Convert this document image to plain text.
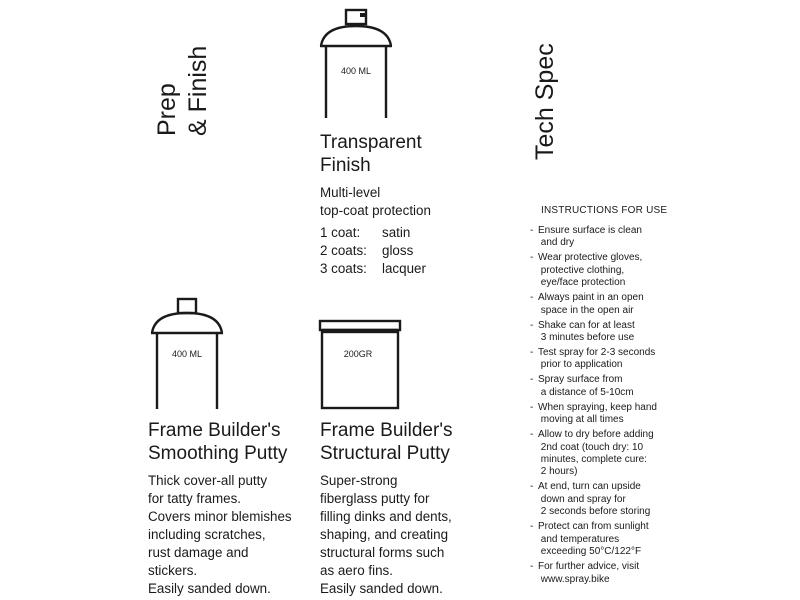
Prep & Finish	Tech Spec
400 ML
Transparent
Finish
Multi-level
top-coat protection
1 coat:	satin
2 coats:	gloss
3 coats:	lacquer
400 ML
Frame Builder's
Smoothing Putty
Thick cover-all putty
for tatty frames.
Covers minor blemishes
including scratches,
rust damage and
stickers.
Easily sanded down.
200GR
Frame Builder's
Structural Putty
Super-strong
fiberglass putty for
filling dinks and dents,
shaping, and creating
structural forms such
as aero fins.
Easily sanded down.
INSTRUCTIONS FOR USE
- Ensure surface is clean
and dry
- Wear protective gloves,
protective clothing,
eye/face protection
- Always paint in an open
space in the open air
- Shake can for at least
3 minutes before use
- Test spray for 2-3 seconds
prior to application
- Spray surface from
a distance of 5-10cm
- When spraying, keep hand
moving at all times
- Allow to dry before adding
2nd coat (touch dry: 10
minutes, complete cure:
2 hours)
- At end, turn can upside
down and spray for
2 seconds before storing
- Protect can from sunlight
and temperatures
exceeding 50°C/122°F
- For further advice, visit
www.spray.bike
